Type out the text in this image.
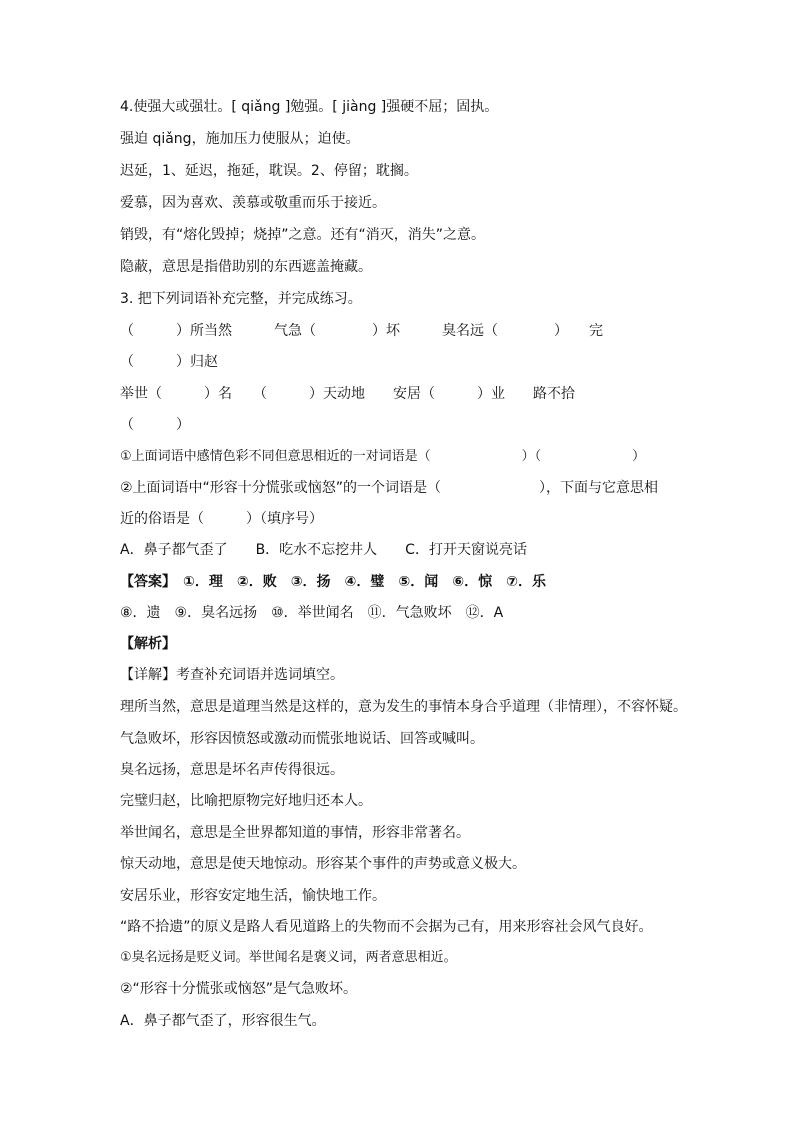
4.使强大或强壮。[ qiǎng ]勉强。[ jiàng ]强硬不屈；固执。
强迫 qiǎng，施加压力使服从；迫使。
迟延，1、延迟，拖延，耽误。2、停留；耽搁。
爱慕，因为喜欢、羡慕或敬重而乐于接近。
销毁，有“熔化毁掉；烧掉”之意。还有“消灭，消失”之意。
隐蔽，意思是指借助别的东西遮盖掩藏。
3. 把下列词语补充完整，并完成练习。
（　　　）所当然　　　气急（　　　　）坏　　　臭名远（　　　　）　　完
（　　　）归赵
举世（　　　）名　　（　　　）天动地　　安居（　　　）业　　路不拾
（　　　）
①上面词语中感情色彩不同但意思相近的一对词语是（　　　　　　　）（　　　　　　　）
②上面词语中“形容十分慌张或恼怒”的一个词语是（　　　　　　　），下面与它意思相
近的俗语是（　　　）（填序号）
A．鼻子都气歪了　　B．吃水不忘挖井人　　C．打开天窗说亮话
【答案】　①．理　②．败　③．扬　④．璧　⑤．闻　⑥．惊　⑦．乐
⑧．遗　⑨．臭名远扬　⑩．举世闻名　⑪．气急败坏　⑫．A
【解析】
【详解】考查补充词语并选词填空。
理所当然，意思是道理当然是这样的，意为发生的事情本身合乎道理（非情理），不容怀疑。
气急败坏，形容因愤怒或激动而慌张地说话、回答或喊叫。
臭名远扬，意思是坏名声传得很远。
完璧归赵，比喻把原物完好地归还本人。
举世闻名，意思是全世界都知道的事情，形容非常著名。
惊天动地，意思是使天地惊动。形容某个事件的声势或意义极大。
安居乐业，形容安定地生活，愉快地工作。
“路不拾遗”的原义是路人看见道路上的失物而不会据为己有，用来形容社会风气良好。
①臭名远扬是贬义词。举世闻名是褒义词，两者意思相近。
②“形容十分慌张或恼怒”是气急败坏。
A．鼻子都气歪了，形容很生气。
